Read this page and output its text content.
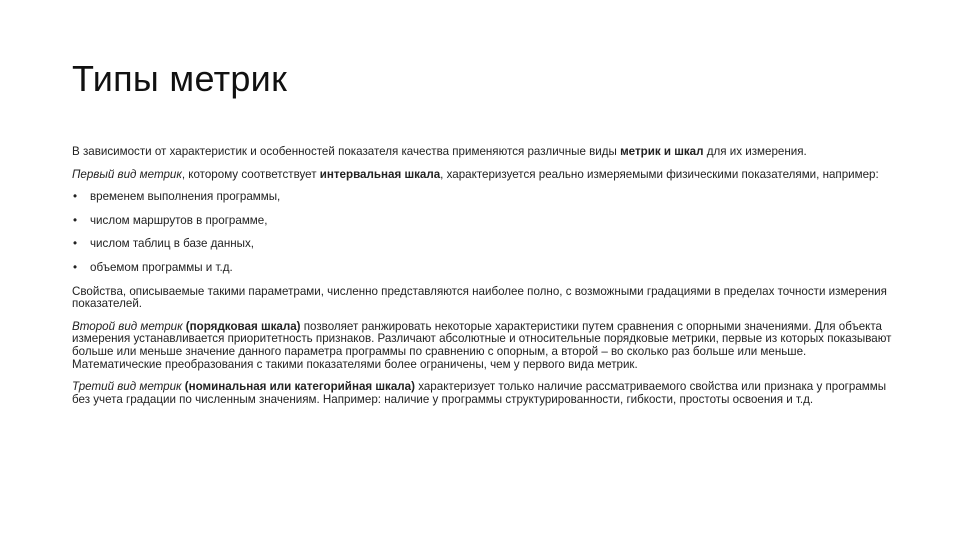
Типы метрик

В зависимости от характеристик и особенностей показателя качества применяются различные виды метрик и шкал для их измерения.

Первый вид метрик, которому соответствует интервальная шкала, характеризуется реально измеряемыми физическими показателями, например:

• временем выполнения программы,
• числом маршрутов в программе,
• числом таблиц в базе данных,
• объемом программы и т.д.

Свойства, описываемые такими параметрами, численно представляются наиболее полно, с возможными градациями в пределах точности измерения показателей.

Второй вид метрик (порядковая шкала) позволяет ранжировать некоторые характеристики путем сравнения с опорными значениями. Для объекта измерения устанавливается приоритетность признаков. Различают абсолютные и относительные порядковые метрики, первые из которых показывают больше или меньше значение данного параметра программы по сравнению с опорным, а второй – во сколько раз больше или меньше. Математические преобразования с такими показателями более ограничены, чем у первого вида метрик.

Третий вид метрик (номинальная или категорийная шкала) характеризует только наличие рассматриваемого свойства или признака у программы без учета градации по численным значениям. Например: наличие у программы структурированности, гибкости, простоты освоения и т.д.
